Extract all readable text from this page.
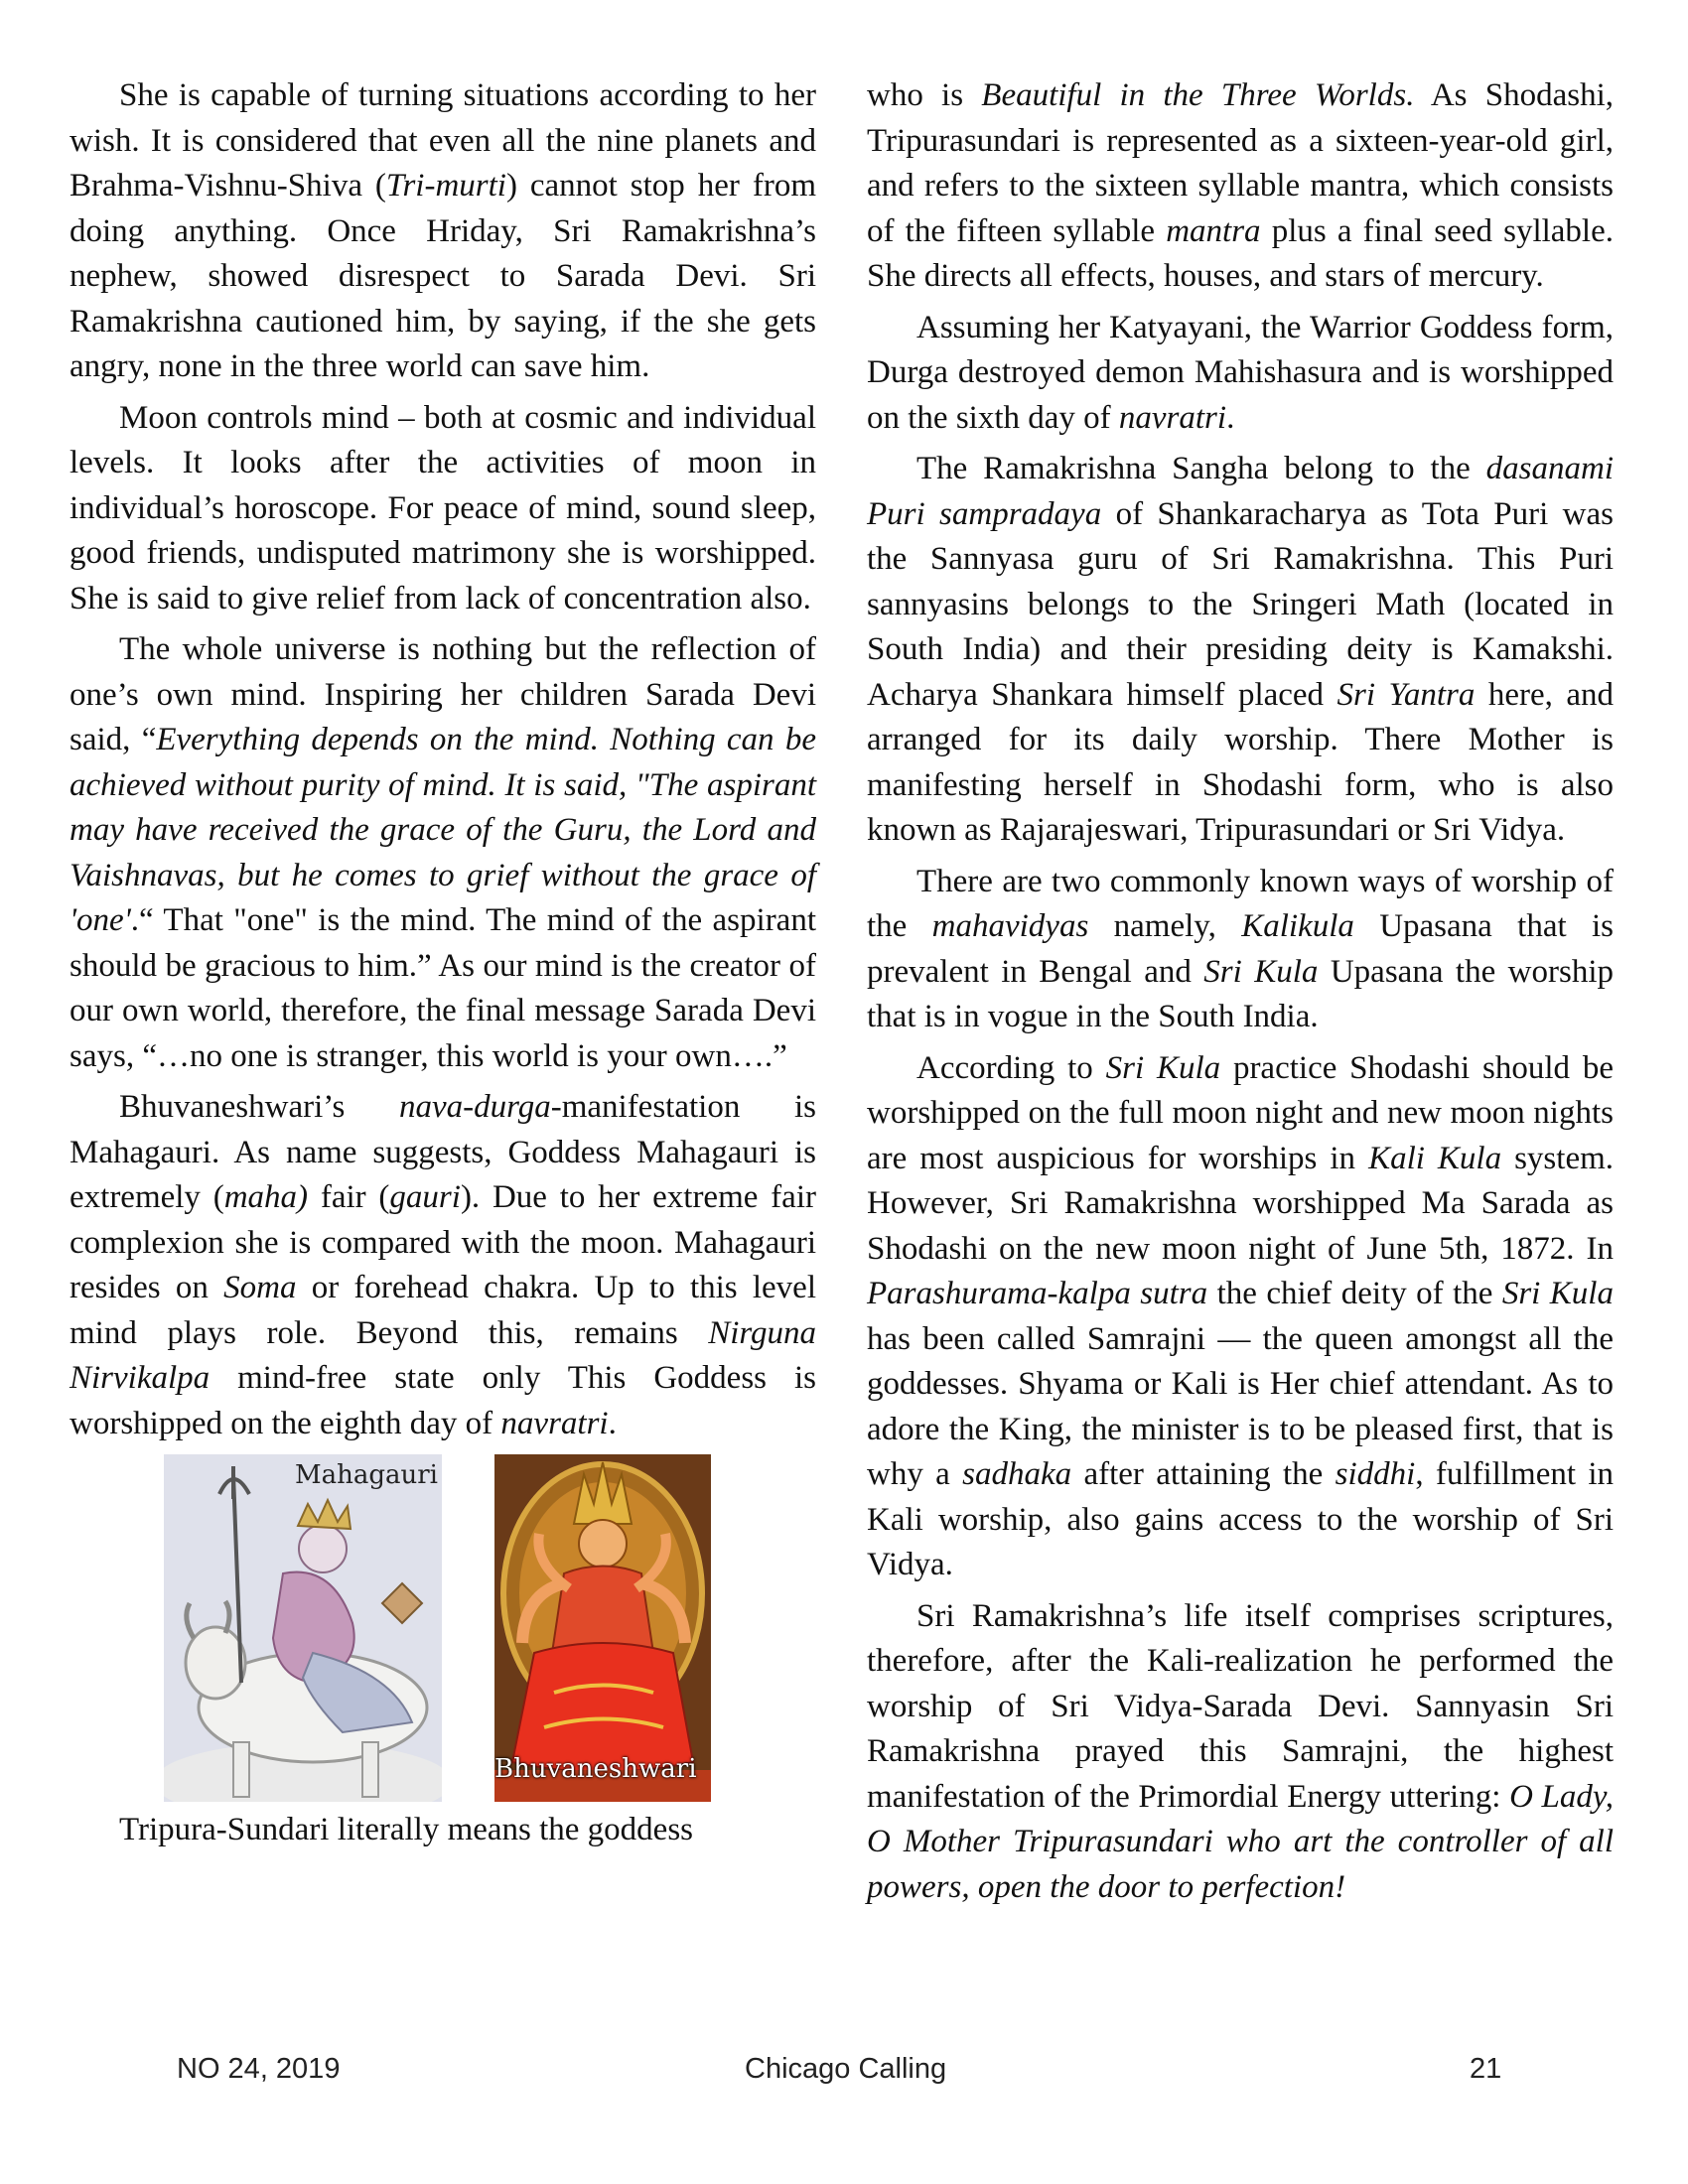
She is capable of turning situations according to her wish. It is considered that even all the nine planets and Brahma-Vishnu-Shiva (Tri-murti) cannot stop her from doing anything. Once Hriday, Sri Ramakrishna’s nephew, showed disrespect to Sarada Devi. Sri Ramakrishna cautioned him, by saying, if the she gets angry, none in the three world can save him.

Moon controls mind – both at cosmic and individual levels. It looks after the activities of moon in individual’s horoscope. For peace of mind, sound sleep, good friends, undisputed matrimony she is worshipped. She is said to give relief from lack of concentration also.

The whole universe is nothing but the reflection of one’s own mind. Inspiring her children Sarada Devi said, “Everything depends on the mind. Nothing can be achieved without purity of mind. It is said, "The aspirant may have received the grace of the Guru, the Lord and Vaishnavas, but he comes to grief without the grace of 'one'.“ That "one" is the mind. The mind of the aspirant should be gracious to him.” As our mind is the creator of our own world, therefore, the final message Sarada Devi says, “…no one is stranger, this world is your own….”

Bhuvaneshwari’s nava-durga-manifestation is Mahagauri. As name suggests, Goddess Mahagauri is extremely (maha) fair (gauri). Due to her extreme fair complexion she is compared with the moon. Mahagauri resides on Soma or forehead chakra. Up to this level mind plays role. Beyond this, remains Nirguna Nirvikalpa mind-free state only This Goddess is worshipped on the eighth day of navratri.

Mahagauri
Bhuvaneshwari

Tripura-Sundari literally means the goddess

who is Beautiful in the Three Worlds. As Shodashi, Tripurasundari is represented as a sixteen-year-old girl, and refers to the sixteen syllable mantra, which consists of the fifteen syllable mantra plus a final seed syllable. She directs all effects, houses, and stars of mercury.

Assuming her Katyayani, the Warrior Goddess form, Durga destroyed demon Mahishasura and is worshipped on the sixth day of navratri.

The Ramakrishna Sangha belong to the dasanami Puri sampradaya of Shankaracharya as Tota Puri was the Sannyasa guru of Sri Ramakrishna. This Puri sannyasins belongs to the Sringeri Math (located in South India) and their presiding deity is Kamakshi. Acharya Shankara himself placed Sri Yantra here, and arranged for its daily worship. There Mother is manifesting herself in Shodashi form, who is also known as Rajarajeswari, Tripurasundari or Sri Vidya.

There are two commonly known ways of worship of the mahavidyas namely, Kalikula Upasana that is prevalent in Bengal and Sri Kula Upasana the worship that is in vogue in the South India.

According to Sri Kula practice Shodashi should be worshipped on the full moon night and new moon nights are most auspicious for worships in Kali Kula system. However, Sri Ramakrishna worshipped Ma Sarada as Shodashi on the new moon night of June 5th, 1872. In Parashurama-kalpa sutra the chief deity of the Sri Kula has been called Samrajni — the queen amongst all the goddesses. Shyama or Kali is Her chief attendant. As to adore the King, the minister is to be pleased first, that is why a sadhaka after attaining the siddhi, fulfillment in Kali worship, also gains access to the worship of Sri Vidya.

Sri Ramakrishna’s life itself comprises scriptures, therefore, after the Kali-realization he performed the worship of Sri Vidya-Sarada Devi. Sannyasin Sri Ramakrishna prayed this Samrajni, the highest manifestation of the Primordial Energy uttering: O Lady, O Mother Tripurasundari who art the controller of all powers, open the door to perfection!

NO 24, 2019	Chicago Calling	21
